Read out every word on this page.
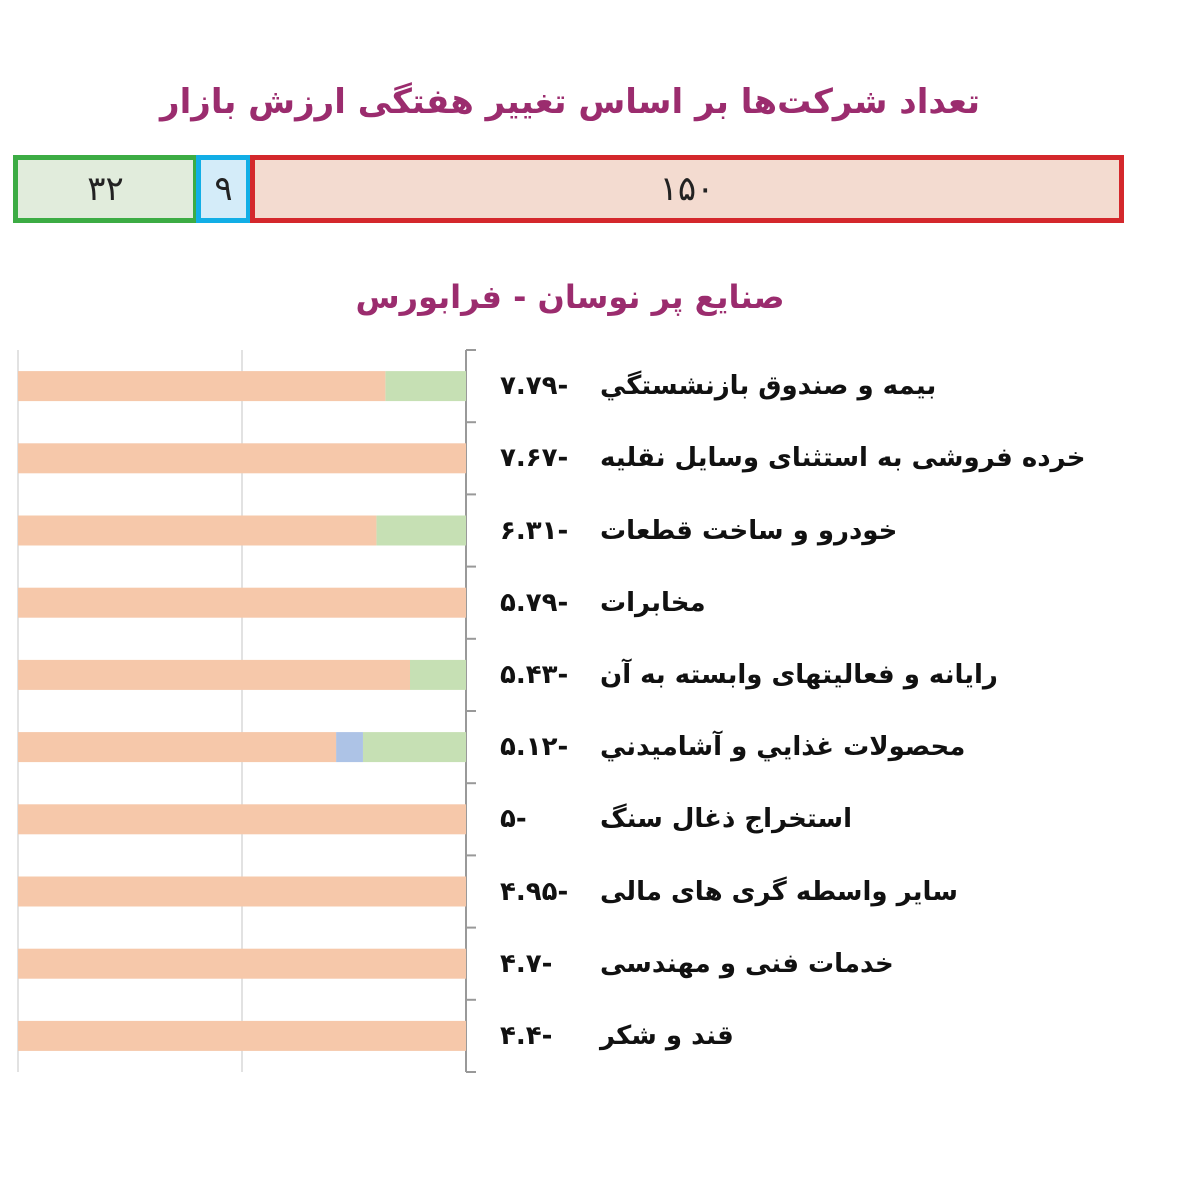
تعداد شرکت‌ها بر اساس تغییر هفتگی ارزش بازار
۳۲	۹	۱۵۰
صنایع پر نوسان - فرابورس
۷.۷۹-	بیمه و صندوق بازنشستگي
۷.۶۷-	خرده فروشی به استثنای وسایل نقلیه
۶.۳۱-	خودرو و ساخت قطعات
۵.۷۹-	مخابرات
۵.۴۳-	رایانه و فعالیتهای وابسته به آن
۵.۱۲-	محصولات غذايي و آشاميدني
۵-	استخراج ذغال سنگ
۴.۹۵-	ساير واسطه گری های مالی
۴.۷-	خدمات فنی و مهندسی
۴.۴-	قند و شکر
